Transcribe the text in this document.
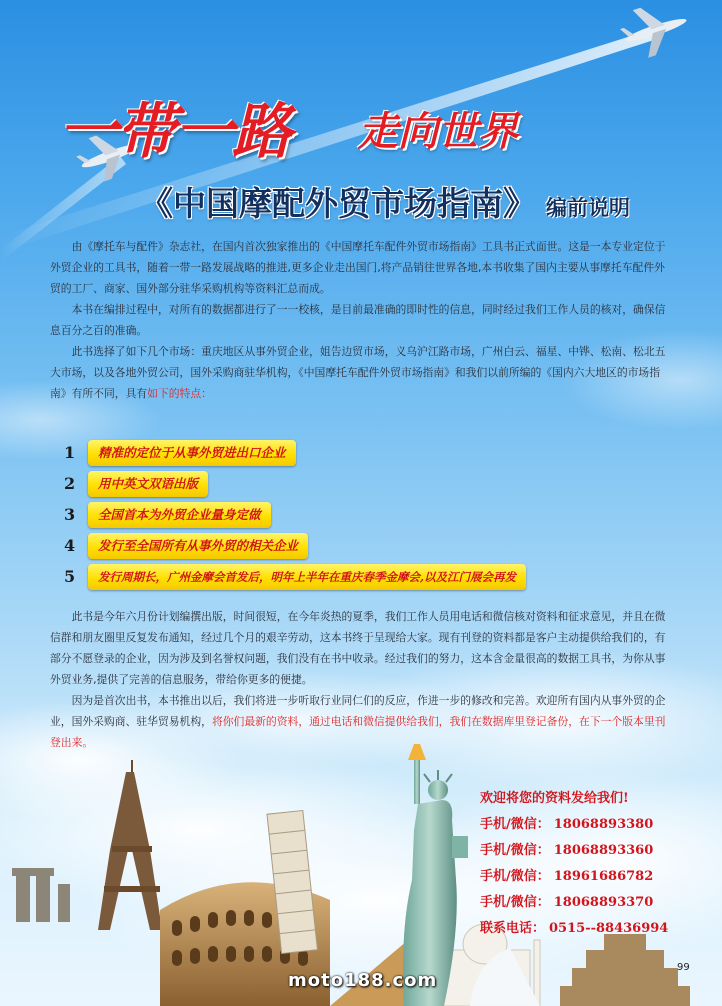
一带一路 走向世界
《中国摩配外贸市场指南》 编前说明

由《摩托车与配件》杂志社，在国内首次独家推出的《中国摩托车配件外贸市场指南》工具书正式面世。这是一本专业定位于外贸企业的工具书，随着一带一路发展战略的推进,更多企业走出国门,将产品销往世界各地,本书收集了国内主要从事摩托车配件外贸的工厂、商家、国外部分驻华采购机构等资料汇总而成。

本书在编排过程中，对所有的数据都进行了一一校核，是目前最准确的即时性的信息，同时经过我们工作人员的核对，确保信息百分之百的准确。

此书选择了如下几个市场：重庆地区从事外贸企业，姐告边贸市场，义乌沪江路市场，广州白云、福星、中铧、松南、松北五大市场，以及各地外贸公司，国外采购商驻华机构，《中国摩托车配件外贸市场指南》和我们以前所编的《国内六大地区的市场指南》有所不同，具有如下的特点：

1	精准的定位于从事外贸进出口企业
2	用中英文双语出版
3	全国首本为外贸企业量身定做
4	发行至全国所有从事外贸的相关企业
5	发行周期长，广州金摩会首发后，明年上半年在重庆春季金摩会,以及江门展会再发

此书是今年六月份计划编撰出版，时间很短，在今年炎热的夏季，我们工作人员用电话和微信核对资料和征求意见，并且在微信群和朋友圈里反复发布通知，经过几个月的艰辛劳动，这本书终于呈现给大家。现有刊登的资料都是客户主动提供给我们的，有部分不愿登录的企业，因为涉及到名誉权问题，我们没有在书中收录。经过我们的努力，这本含金量很高的数据工具书，为你从事外贸业务,提供了完善的信息服务，带给你更多的便捷。

因为是首次出书，本书推出以后，我们将进一步听取行业同仁们的反应，作进一步的修改和完善。欢迎所有国内从事外贸的企业，国外采购商、驻华贸易机构，将你们最新的资料，通过电话和微信提供给我们，我们在数据库里登记备份，在下一个版本里刊登出来。

欢迎将您的资料发给我们!
手机/微信： 18068893380
手机/微信： 18068893360
手机/微信： 18961686782
手机/微信： 18068893370
联系电话： 0515--88436994
99
moto188.com
